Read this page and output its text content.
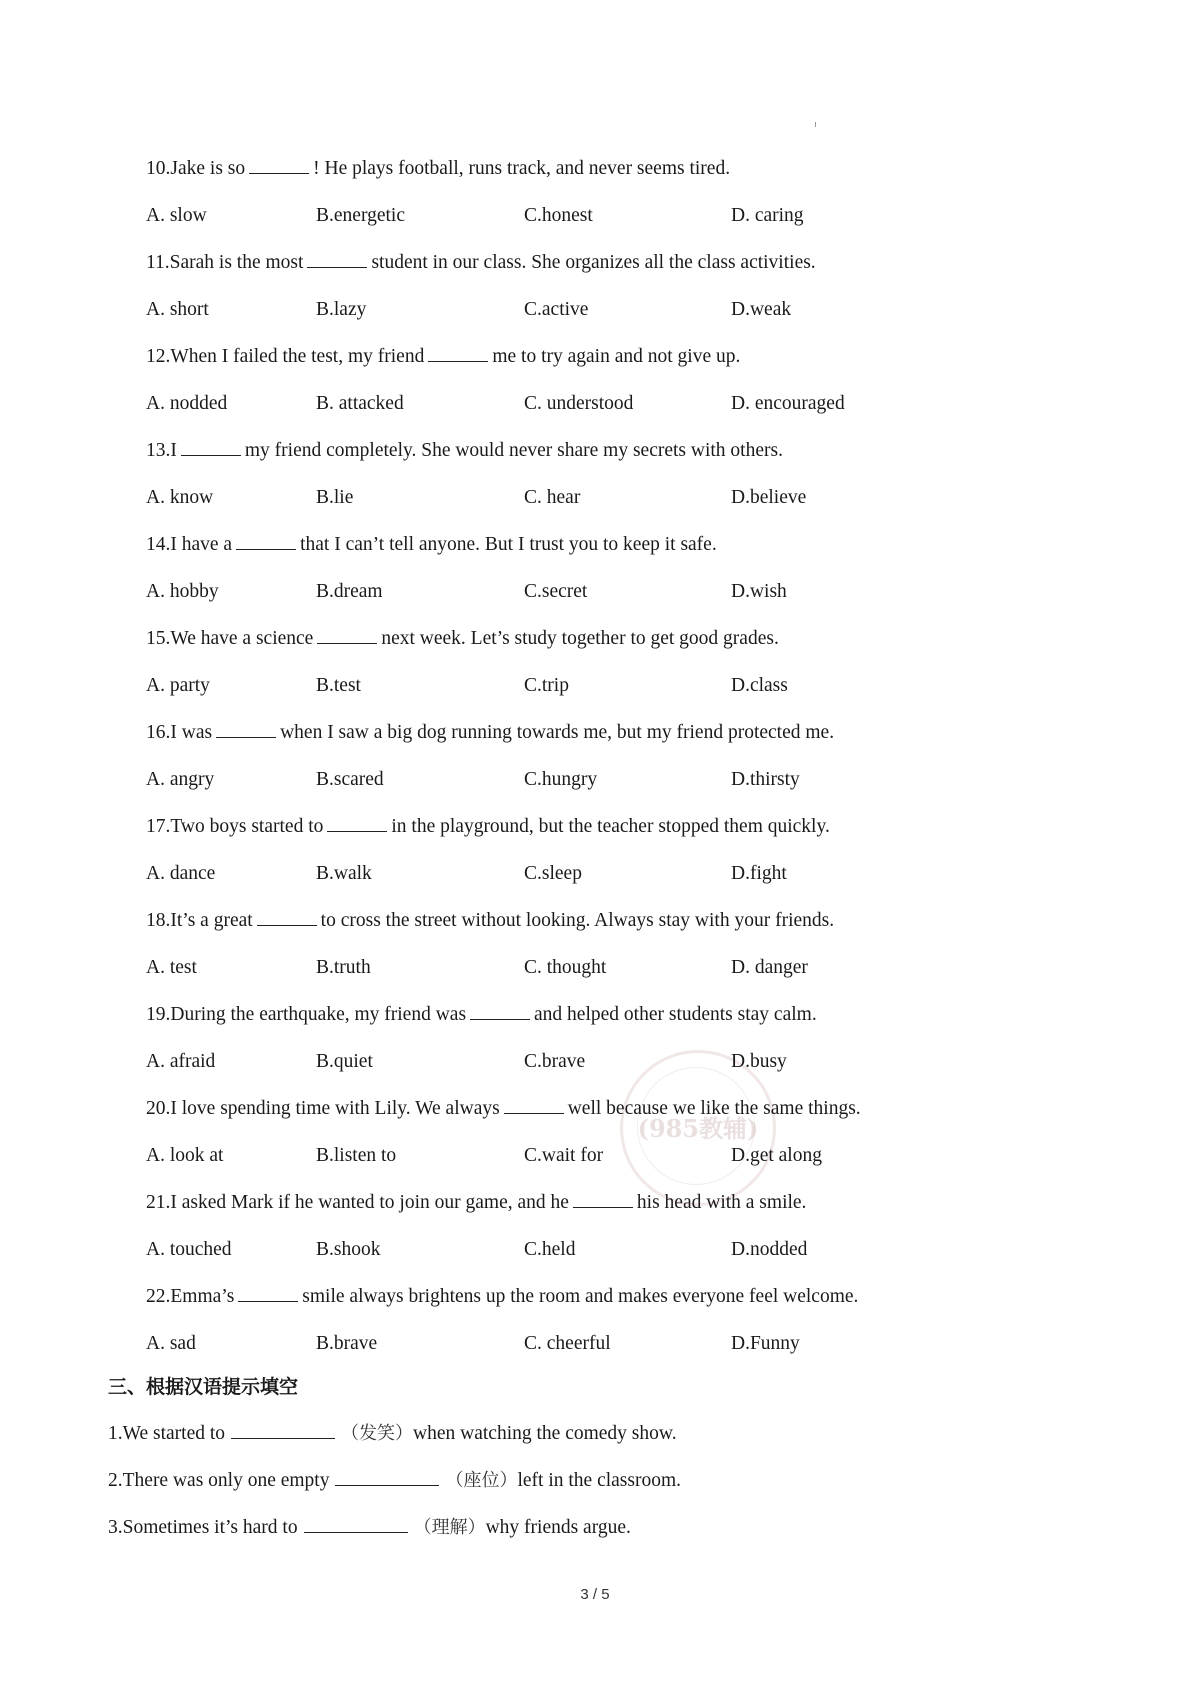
(985教辅)
10.Jake is so	! He plays football, runs track, and never seems tired.
A. slow	B.energetic	C.honest	D. caring
11.Sarah is the most	student in our class. She organizes all the class activities.
A. short	B.lazy	C.active	D.weak
12.When I failed the test, my friend	me to try again and not give up.
A. nodded	B. attacked	C. understood	D. encouraged
13.I	my friend completely. She would never share my secrets with others.
A. know	B.lie	C. hear	D.believe
14.I have a	that I can’t tell anyone. But I trust you to keep it safe.
A. hobby	B.dream	C.secret	D.wish
15.We have a science	next week. Let’s study together to get good grades.
A. party	B.test	C.trip	D.class
16.I was	when I saw a big dog running towards me, but my friend protected me.
A. angry	B.scared	C.hungry	D.thirsty
17.Two boys started to	in the playground, but the teacher stopped them quickly.
A. dance	B.walk	C.sleep	D.fight
18.It’s a great	to cross the street without looking. Always stay with your friends.
A. test	B.truth	C. thought	D. danger
19.During the earthquake, my friend was	and helped other students stay calm.
A. afraid	B.quiet	C.brave	D.busy
20.I love spending time with Lily. We always	well because we like the same things.
A. look at	B.listen to	C.wait for	D.get along
21.I asked Mark if he wanted to join our game, and he	his head with a smile.
A. touched	B.shook	C.held	D.nodded
22.Emma’s	smile always brightens up the room and makes everyone feel welcome.
A. sad	B.brave	C. cheerful	D.Funny
三、根据汉语提示填空
1.We started to	（发笑）when watching the comedy show.
2.There was only one empty	（座位）left in the classroom.
3.Sometimes it’s hard to	（理解）why friends argue.
3 / 5
